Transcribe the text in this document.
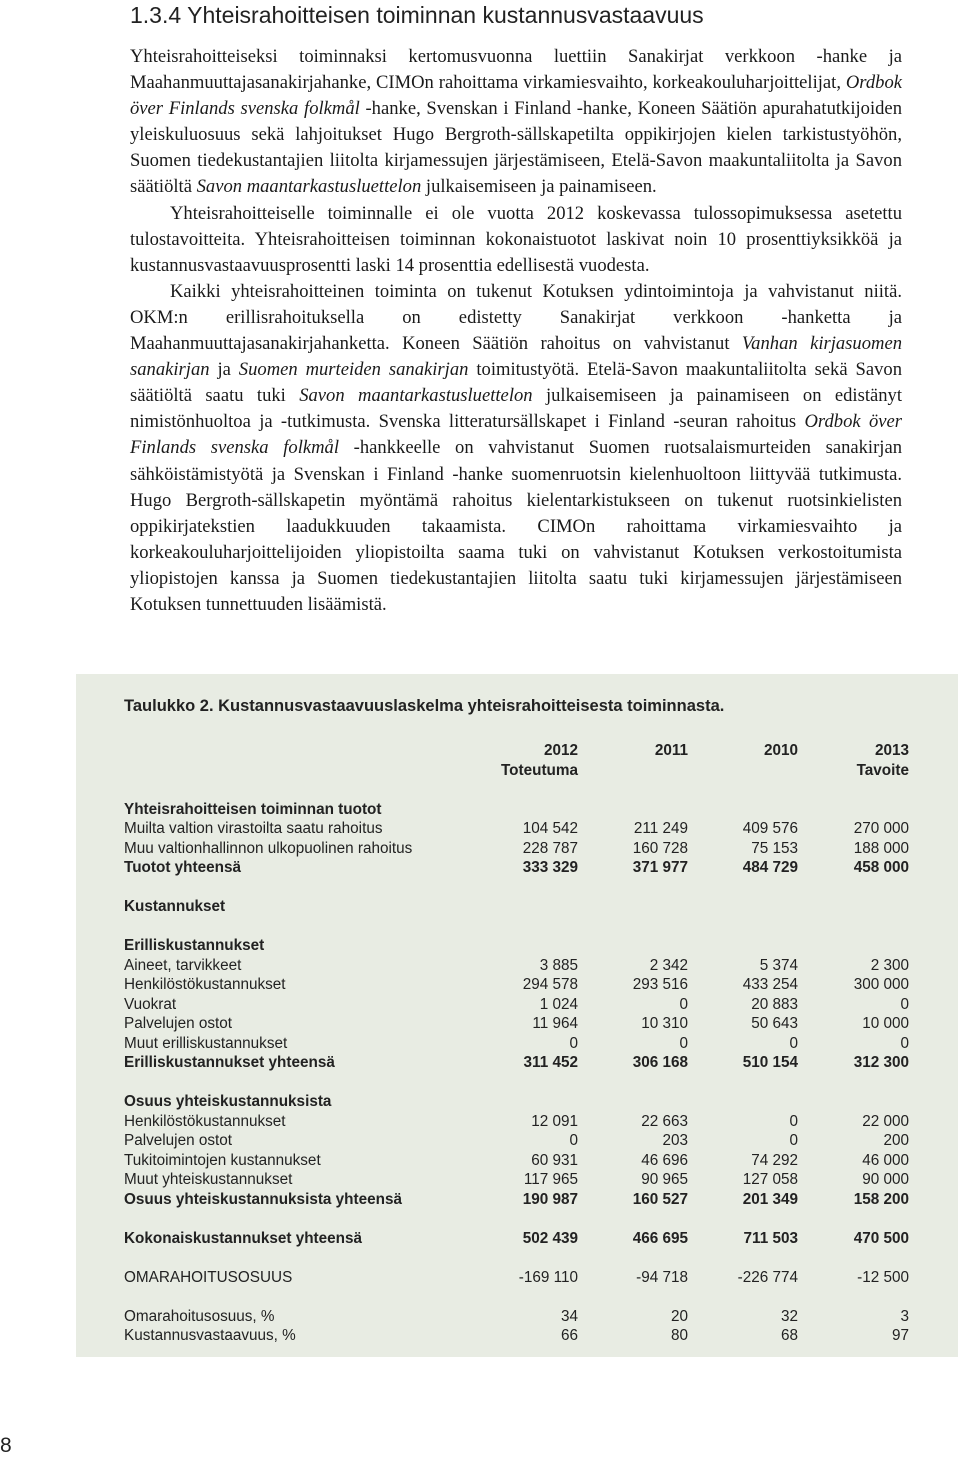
1.3.4 Yhteisrahoitteisen toiminnan kustannusvastaavuus

Yhteisrahoitteiseksi toiminnaksi kertomusvuonna luettiin Sanakirjat verkkoon -hanke ja Maahanmuuttajasanakirjahanke, CIMOn rahoittama virkamiesvaihto, korkeakouluharjoittelijat, Ordbok över Finlands svenska folkmål -hanke, Svenskan i Finland -hanke, Koneen Säätiön apurahatutkijoiden yleiskuluosuus sekä lahjoitukset Hugo Bergroth-sällskapetilta oppikirjojen kielen tarkistustyöhön, Suomen tiedekustantajien liitolta kirjamessujen järjestämiseen, Etelä-Savon maakuntaliitolta ja Savon säätiöltä Savon maantarkastusluettelon julkaisemiseen ja painamiseen.

Yhteisrahoitteiselle toiminnalle ei ole vuotta 2012 koskevassa tulossopimuksessa asetettu tulostavoitteita. Yhteisrahoitteisen toiminnan kokonaistuotot laskivat noin 10 prosenttiyksikköä ja kustannusvastaavuusprosentti laski 14 prosenttia edellisestä vuodesta.

Kaikki yhteisrahoitteinen toiminta on tukenut Kotuksen ydintoimintoja ja vahvistanut niitä. OKM:n erillisrahoituksella on edistetty Sanakirjat verkkoon -hanketta ja Maahanmuuttajasanakirjahanketta. Koneen Säätiön rahoitus on vahvistanut Vanhan kirjasuomen sanakirjan ja Suomen murteiden sanakirjan toimitustyötä. Etelä-Savon maakuntaliitolta sekä Savon säätiöltä saatu tuki Savon maantarkastusluettelon julkaisemiseen ja painamiseen on edistänyt nimistönhuoltoa ja -tutkimusta. Svenska litteratursällskapet i Finland -seuran rahoitus Ordbok över Finlands svenska folkmål -hankkeelle on vahvistanut Suomen ruotsalaismurteiden sanakirjan sähköistämistyötä ja Svenskan i Finland -hanke suomenruotsin kielenhuoltoon liittyvää tutkimusta. Hugo Bergroth-sällskapetin myöntämä rahoitus kielentarkistukseen on tukenut ruotsinkielisten oppikirjatekstien laadukkuuden takaamista. CIMOn rahoittama virkamiesvaihto ja korkeakouluharjoittelijoiden yliopistoilta saama tuki on vahvistanut Kotuksen verkostoitumista yliopistojen kanssa ja Suomen tiedekustantajien liitolta saatu tuki kirjamessujen järjestämiseen Kotuksen tunnettuuden lisäämistä.

Taulukko 2. Kustannusvastaavuuslaskelma yhteisrahoitteisesta toiminnasta.
	2012	2011	2010	2013
	Toteutuma			Tavoite

Yhteisrahoitteisen toiminnan tuotot				
Muilta valtion virastoilta saatu rahoitus	104 542	211 249	409 576	270 000
Muu valtionhallinnon ulkopuolinen rahoitus	228 787	160 728	75 153	188 000
Tuotot yhteensä	333 329	371 977	484 729	458 000

Kustannukset				

Erilliskustannukset				
Aineet, tarvikkeet	3 885	2 342	5 374	2 300
Henkilöstökustannukset	294 578	293 516	433 254	300 000
Vuokrat	1 024	0	20 883	0
Palvelujen ostot	11 964	10 310	50 643	10 000
Muut erilliskustannukset	0	0	0	0
Erilliskustannukset yhteensä	311 452	306 168	510 154	312 300

Osuus yhteiskustannuksista				
Henkilöstökustannukset	12 091	22 663	0	22 000
Palvelujen ostot	0	203	0	200
Tukitoimintojen kustannukset	60 931	46 696	74 292	46 000
Muut yhteiskustannukset	117 965	90 965	127 058	90 000
Osuus yhteiskustannuksista yhteensä	190 987	160 527	201 349	158 200

Kokonaiskustannukset yhteensä	502 439	466 695	711 503	470 500

OMARAHOITUSOSUUS	-169 110	-94 718	-226 774	-12 500

Omarahoitusosuus, %	34	20	32	3
Kustannusvastaavuus, %	66	80	68	97
8
